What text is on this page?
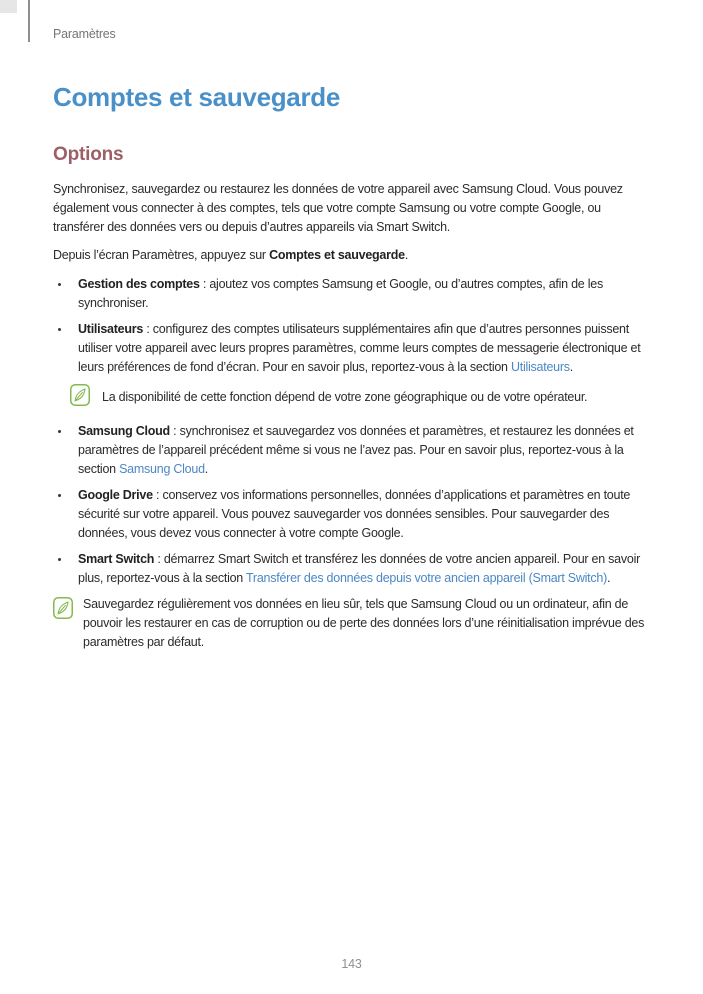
Paramètres
Comptes et sauvegarde
Options

Synchronisez, sauvegardez ou restaurez les données de votre appareil avec Samsung Cloud. Vous pouvez également vous connecter à des comptes, tels que votre compte Samsung ou votre compte Google, ou transférer des données vers ou depuis d’autres appareils via Smart Switch.

Depuis l’écran Paramètres, appuyez sur Comptes et sauvegarde.

Gestion des comptes : ajoutez vos comptes Samsung et Google, ou d’autres comptes, afin de les synchroniser.
Utilisateurs : configurez des comptes utilisateurs supplémentaires afin que d’autres personnes puissent utiliser votre appareil avec leurs propres paramètres, comme leurs comptes de messagerie électronique et leurs préférences de fond d’écran. Pour en savoir plus, reportez-vous à la section Utilisateurs.
La disponibilité de cette fonction dépend de votre zone géographique ou de votre opérateur.
Samsung Cloud : synchronisez et sauvegardez vos données et paramètres, et restaurez les données et paramètres de l’appareil précédent même si vous ne l’avez pas. Pour en savoir plus, reportez-vous à la section Samsung Cloud.
Google Drive : conservez vos informations personnelles, données d’applications et paramètres en toute sécurité sur votre appareil. Vous pouvez sauvegarder vos données sensibles. Pour sauvegarder des données, vous devez vous connecter à votre compte Google.
Smart Switch : démarrez Smart Switch et transférez les données de votre ancien appareil. Pour en savoir plus, reportez-vous à la section Transférer des données depuis votre ancien appareil (Smart Switch).
Sauvegardez régulièrement vos données en lieu sûr, tels que Samsung Cloud ou un ordinateur, afin de pouvoir les restaurer en cas de corruption ou de perte des données lors d’une réinitialisation imprévue des paramètres par défaut.
143
